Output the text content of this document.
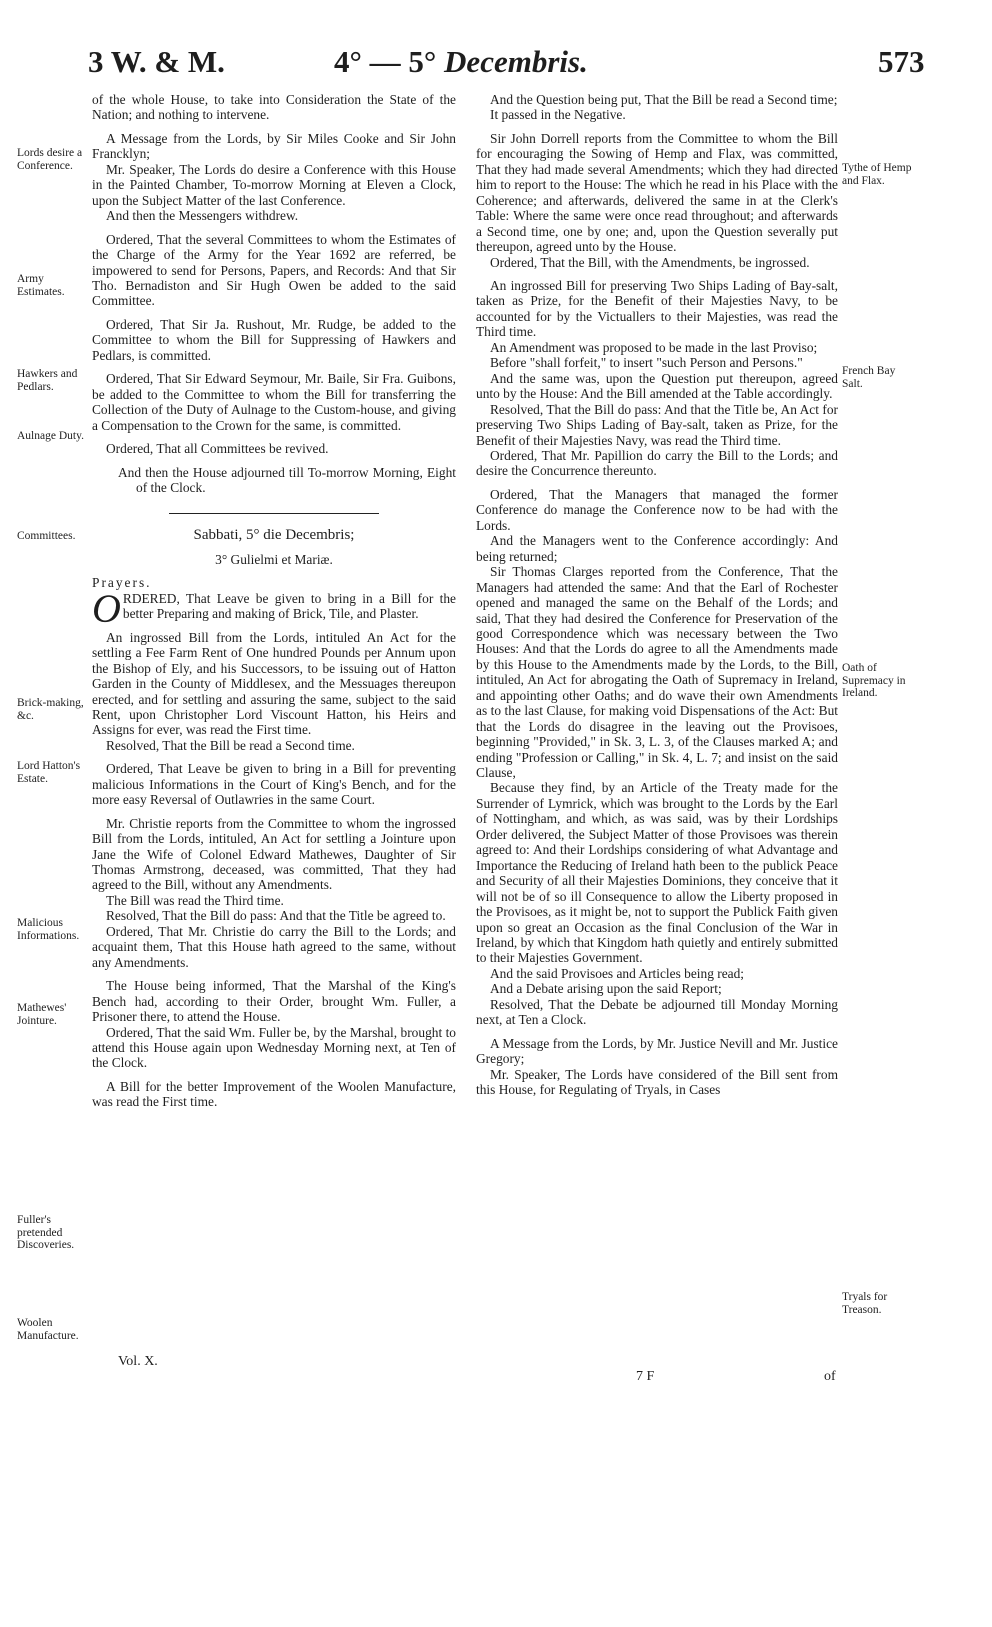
3 W. & M.	4° — 5° Decembris.	573

of the whole House, to take into Consideration the State of the Nation; and nothing to intervene.

A Message from the Lords, by Sir Miles Cooke and Sir John Francklyn;

Mr. Speaker, The Lords do desire a Conference with this House in the Painted Chamber, To-morrow Morning at Eleven a Clock, upon the Subject Matter of the last Conference.

And then the Messengers withdrew.

Ordered, That the several Committees to whom the Estimates of the Charge of the Army for the Year 1692 are referred, be impowered to send for Persons, Papers, and Records: And that Sir Tho. Bernadiston and Sir Hugh Owen be added to the said Committee.

Ordered, That Sir Ja. Rushout, Mr. Rudge, be added to the Committee to whom the Bill for Suppressing of Hawkers and Pedlars, is committed.

Ordered, That Sir Edward Seymour, Mr. Baile, Sir Fra. Guibons, be added to the Committee to whom the Bill for transferring the Collection of the Duty of Aulnage to the Custom-house, and giving a Compensation to the Crown for the same, is committed.

Ordered, That all Committees be revived.

And then the House adjourned till To-morrow Morning, Eight of the Clock.

Sabbati, 5° die Decembris;

3° Gulielmi et Mariæ.

Prayers.

ORDERED, That Leave be given to bring in a Bill for the better Preparing and making of Brick, Tile, and Plaster.

An ingrossed Bill from the Lords, intituled An Act for the settling a Fee Farm Rent of One hundred Pounds per Annum upon the Bishop of Ely, and his Successors, to be issuing out of Hatton Garden in the County of Middlesex, and the Messuages thereupon erected, and for settling and assuring the same, subject to the said Rent, upon Christopher Lord Viscount Hatton, his Heirs and Assigns for ever, was read the First time.

Resolved, That the Bill be read a Second time.

Ordered, That Leave be given to bring in a Bill for preventing malicious Informations in the Court of King's Bench, and for the more easy Reversal of Outlawries in the same Court.

Mr. Christie reports from the Committee to whom the ingrossed Bill from the Lords, intituled, An Act for settling a Jointure upon Jane the Wife of Colonel Edward Mathewes, Daughter of Sir Thomas Armstrong, deceased, was committed, That they had agreed to the Bill, without any Amendments.

The Bill was read the Third time.

Resolved, That the Bill do pass: And that the Title be agreed to.

Ordered, That Mr. Christie do carry the Bill to the Lords; and acquaint them, That this House hath agreed to the same, without any Amendments.

The House being informed, That the Marshal of the King's Bench had, according to their Order, brought Wm. Fuller, a Prisoner there, to attend the House.

Ordered, That the said Wm. Fuller be, by the Marshal, brought to attend this House again upon Wednesday Morning next, at Ten of the Clock.

A Bill for the better Improvement of the Woolen Manufacture, was read the First time.

And the Question being put, That the Bill be read a Second time;

It passed in the Negative.

Sir John Dorrell reports from the Committee to whom the Bill for encouraging the Sowing of Hemp and Flax, was committed, That they had made several Amendments; which they had directed him to report to the House: The which he read in his Place with the Coherence; and afterwards, delivered the same in at the Clerk's Table: Where the same were once read throughout; and afterwards a Second time, one by one; and, upon the Question severally put thereupon, agreed unto by the House.

Ordered, That the Bill, with the Amendments, be ingrossed.

An ingrossed Bill for preserving Two Ships Lading of Bay-salt, taken as Prize, for the Benefit of their Majesties Navy, to be accounted for by the Victuallers to their Majesties, was read the Third time.

An Amendment was proposed to be made in the last Proviso;

Before "shall forfeit," to insert "such Person and Persons."

And the same was, upon the Question put thereupon, agreed unto by the House: And the Bill amended at the Table accordingly.

Resolved, That the Bill do pass: And that the Title be, An Act for preserving Two Ships Lading of Bay-salt, taken as Prize, for the Benefit of their Majesties Navy, was read the Third time.

Ordered, That Mr. Papillion do carry the Bill to the Lords; and desire the Concurrence thereunto.

Ordered, That the Managers that managed the former Conference do manage the Conference now to be had with the Lords.

And the Managers went to the Conference accordingly: And being returned;

Sir Thomas Clarges reported from the Conference, That the Managers had attended the same: And that the Earl of Rochester opened and managed the same on the Behalf of the Lords; and said, That they had desired the Conference for Preservation of the good Correspondence which was necessary between the Two Houses: And that the Lords do agree to all the Amendments made by this House to the Amendments made by the Lords, to the Bill, intituled, An Act for abrogating the Oath of Supremacy in Ireland, and appointing other Oaths; and do wave their own Amendments as to the last Clause, for making void Dispensations of the Act: But that the Lords do disagree in the leaving out the Provisoes, beginning "Provided," in Sk. 3, L. 3, of the Clauses marked A; and ending "Profession or Calling," in Sk. 4, L. 7; and insist on the said Clause,

Because they find, by an Article of the Treaty made for the Surrender of Lymrick, which was brought to the Lords by the Earl of Nottingham, and which, as was said, was by their Lordships Order delivered, the Subject Matter of those Provisoes was therein agreed to: And their Lordships considering of what Advantage and Importance the Reducing of Ireland hath been to the publick Peace and Security of all their Majesties Dominions, they conceive that it will not be of so ill Consequence to allow the Liberty proposed in the Provisoes, as it might be, not to support the Publick Faith given upon so great an Occasion as the final Conclusion of the War in Ireland, by which that Kingdom hath quietly and entirely submitted to their Majesties Government.

And the said Provisoes and Articles being read;

And a Debate arising upon the said Report;

Resolved, That the Debate be adjourned till Monday Morning next, at Ten a Clock.

A Message from the Lords, by Mr. Justice Nevill and Mr. Justice Gregory;

Mr. Speaker, The Lords have considered of the Bill sent from this House, for Regulating of Tryals, in Cases

Lords desire a Conference.
Army Estimates.
Hawkers and Pedlars.
Aulnage Duty.
Committees.
Brick-making, &c.
Lord Hatton's Estate.
Malicious Informations.
Mathewes' Jointure.
Fuller's pretended Discoveries.
Woolen Manufacture.
Tythe of Hemp and Flax.
French Bay Salt.
Oath of Supremacy in Ireland.
Tryals for Treason.
Vol. X.
7 F	of
